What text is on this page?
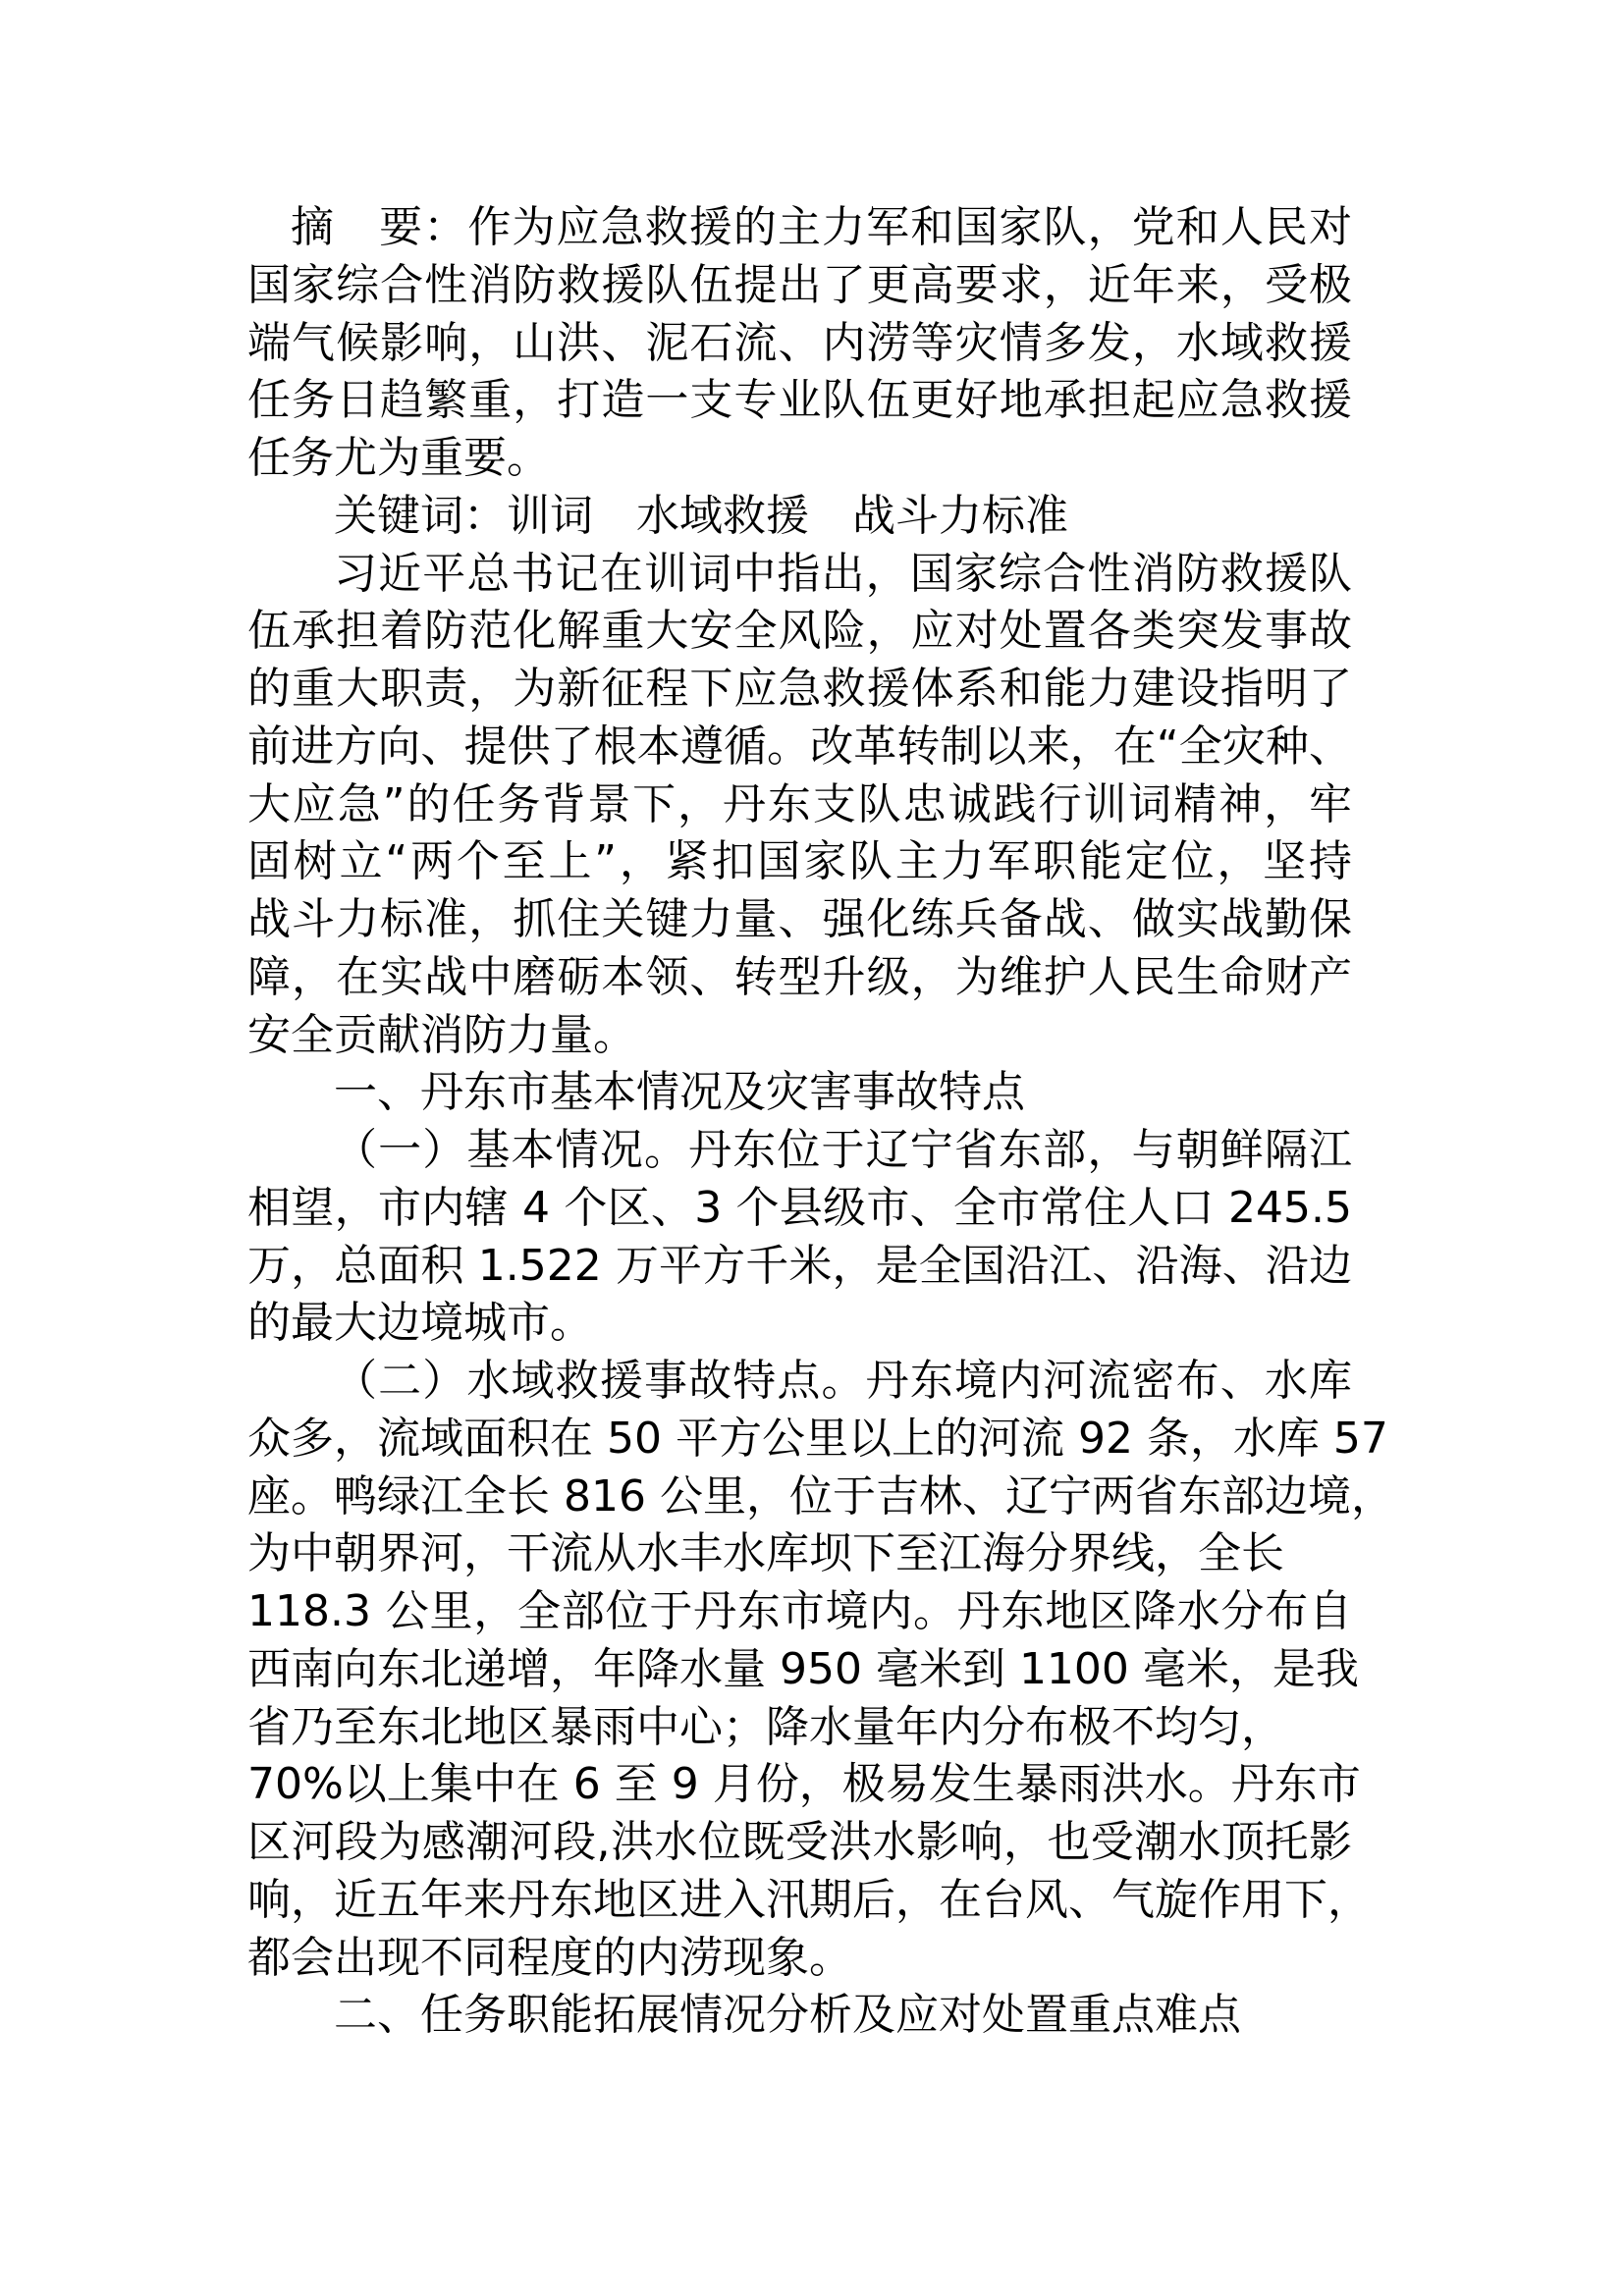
摘　要：作为应急救援的主力军和国家队，党和人民对
国家综合性消防救援队伍提出了更高要求，近年来，受极
端气候影响，山洪、泥石流、内涝等灾情多发，水域救援
任务日趋繁重，打造一支专业队伍更好地承担起应急救援
任务尤为重要。
关键词：训词　水域救援　战斗力标准
习近平总书记在训词中指出，国家综合性消防救援队
伍承担着防范化解重大安全风险，应对处置各类突发事故
的重大职责，为新征程下应急救援体系和能力建设指明了
前进方向、提供了根本遵循。改革转制以来，在“全灾种、
大应急”的任务背景下，丹东支队忠诚践行训词精神，牢
固树立“两个至上”，紧扣国家队主力军职能定位，坚持
战斗力标准，抓住关键力量、强化练兵备战、做实战勤保
障，在实战中磨砺本领、转型升级，为维护人民生命财产
安全贡献消防力量。
一、丹东市基本情况及灾害事故特点
（一）基本情况。丹东位于辽宁省东部，与朝鲜隔江
相望，市内辖 4 个区、3 个县级市、全市常住人口 245.5
万，总面积 1.522 万平方千米，是全国沿江、沿海、沿边
的最大边境城市。
（二）水域救援事故特点。丹东境内河流密布、水库
众多，流域面积在 50 平方公里以上的河流 92 条，水库 57
座。鸭绿江全长 816 公里，位于吉林、辽宁两省东部边境，
为中朝界河，干流从水丰水库坝下至江海分界线，全长
118.3 公里，全部位于丹东市境内。丹东地区降水分布自
西南向东北递增，年降水量 950 毫米到 1100 毫米，是我
省乃至东北地区暴雨中心；降水量年内分布极不均匀，
70%以上集中在 6 至 9 月份，极易发生暴雨洪水。丹东市
区河段为感潮河段,洪水位既受洪水影响，也受潮水顶托影
响，近五年来丹东地区进入汛期后，在台风、气旋作用下，
都会出现不同程度的内涝现象。
二、任务职能拓展情况分析及应对处置重点难点
